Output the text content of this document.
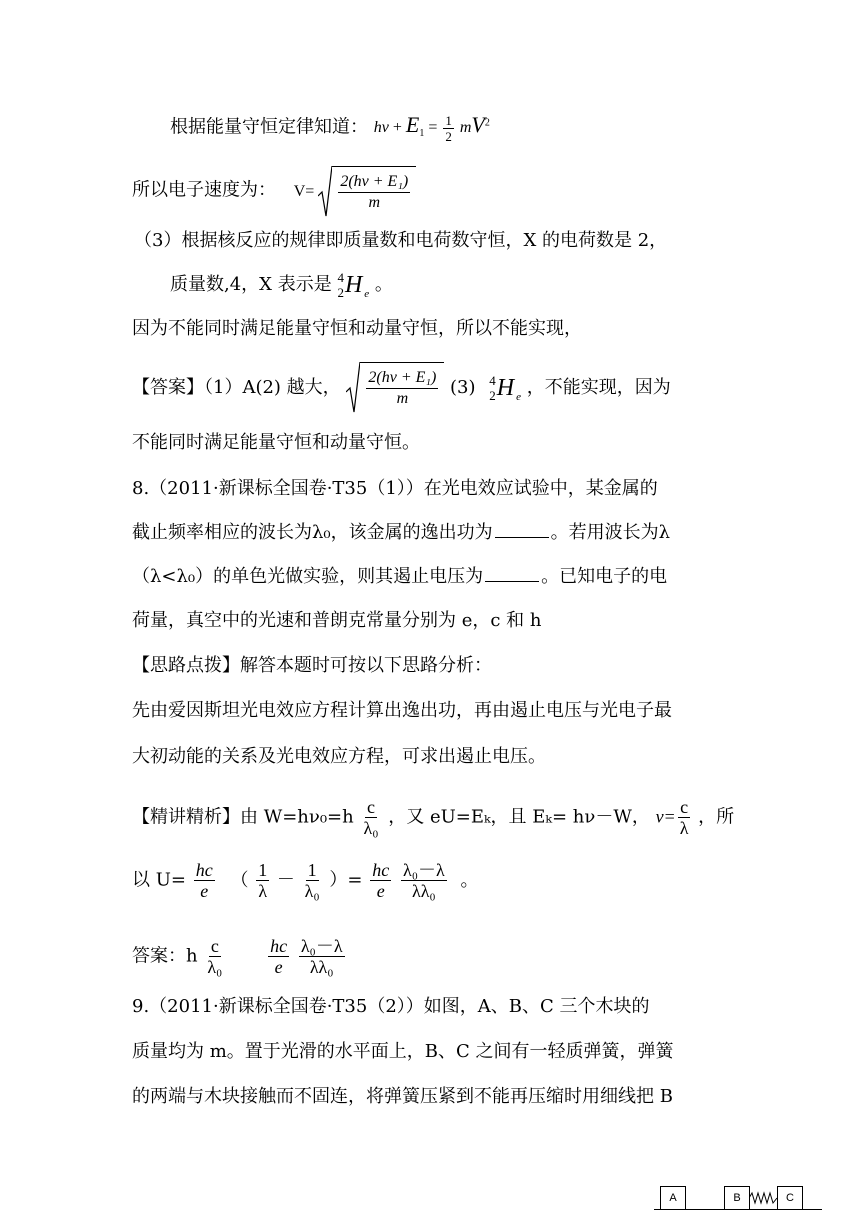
根据能量守恒定律知道： $h\nu + E_1 = \frac{1}{2} mV^2$
所以电子速度为： $V= \frac{\text{2(hν + E₁)}}{m}$
（3）根据核反应的规律即质量数和电荷数守恒，X 的电荷数是 2，
质量数,4，X 表示是 4
2 H e 。
因为不能同时满足能量守恒和动量守恒，所以不能实现，
【答案】（1）A(2) 越大， $\frac{\text{2(hν + E₁)}}{m} (3)$ 4
2 H e ，不能实现，因为
不能同时满足能量守恒和动量守恒。
8.（2011·新课标全国卷·T35（1））在光电效应试验中，某金属的
截止频率相应的波长为λ₀，该金属的逸出功为	。若用波长为λ
（λ<λ₀）的单色光做实验，则其遏止电压为	。已知电子的电
荷量，真空中的光速和普朗克常量分别为 e，c 和 h
【思路点拨】解答本题时可按以下思路分析：
先由爱因斯坦光电效应方程计算出逸出功，再由遏止电压与光电子最
大初动能的关系及光电效应方程，可求出遏止电压。
【精讲精析】由 $W=h\nu_0=h \frac{c}{\text{λ₀}}$ ，又 eU=Eₖ，且 Eₖ= hν－W， $\nu= \frac{c}{\lambda}$ ，所
以 $U= \frac{hc}{e}$ （ $\frac{1}{\lambda} - \frac{1}{\text{λ₀}}$ ）= $\frac{hc}{e}$
$\frac{\text{λ₀－λ}}{\text{λλ₀}}$ 。
答案：h $\frac{c}{\text{λ₀}}$
$\frac{hc}{e}$
$\frac{\text{λ₀－λ}}{\text{λλ₀}}$
9.（2011·新课标全国卷·T35（2））如图，A、B、C 三个木块的
质量均为 m。置于光滑的水平面上，B、C 之间有一轻质弹簧，弹簧
的两端与木块接触而不固连，将弹簧压紧到不能再压缩时用细线把 B
A	B	C
